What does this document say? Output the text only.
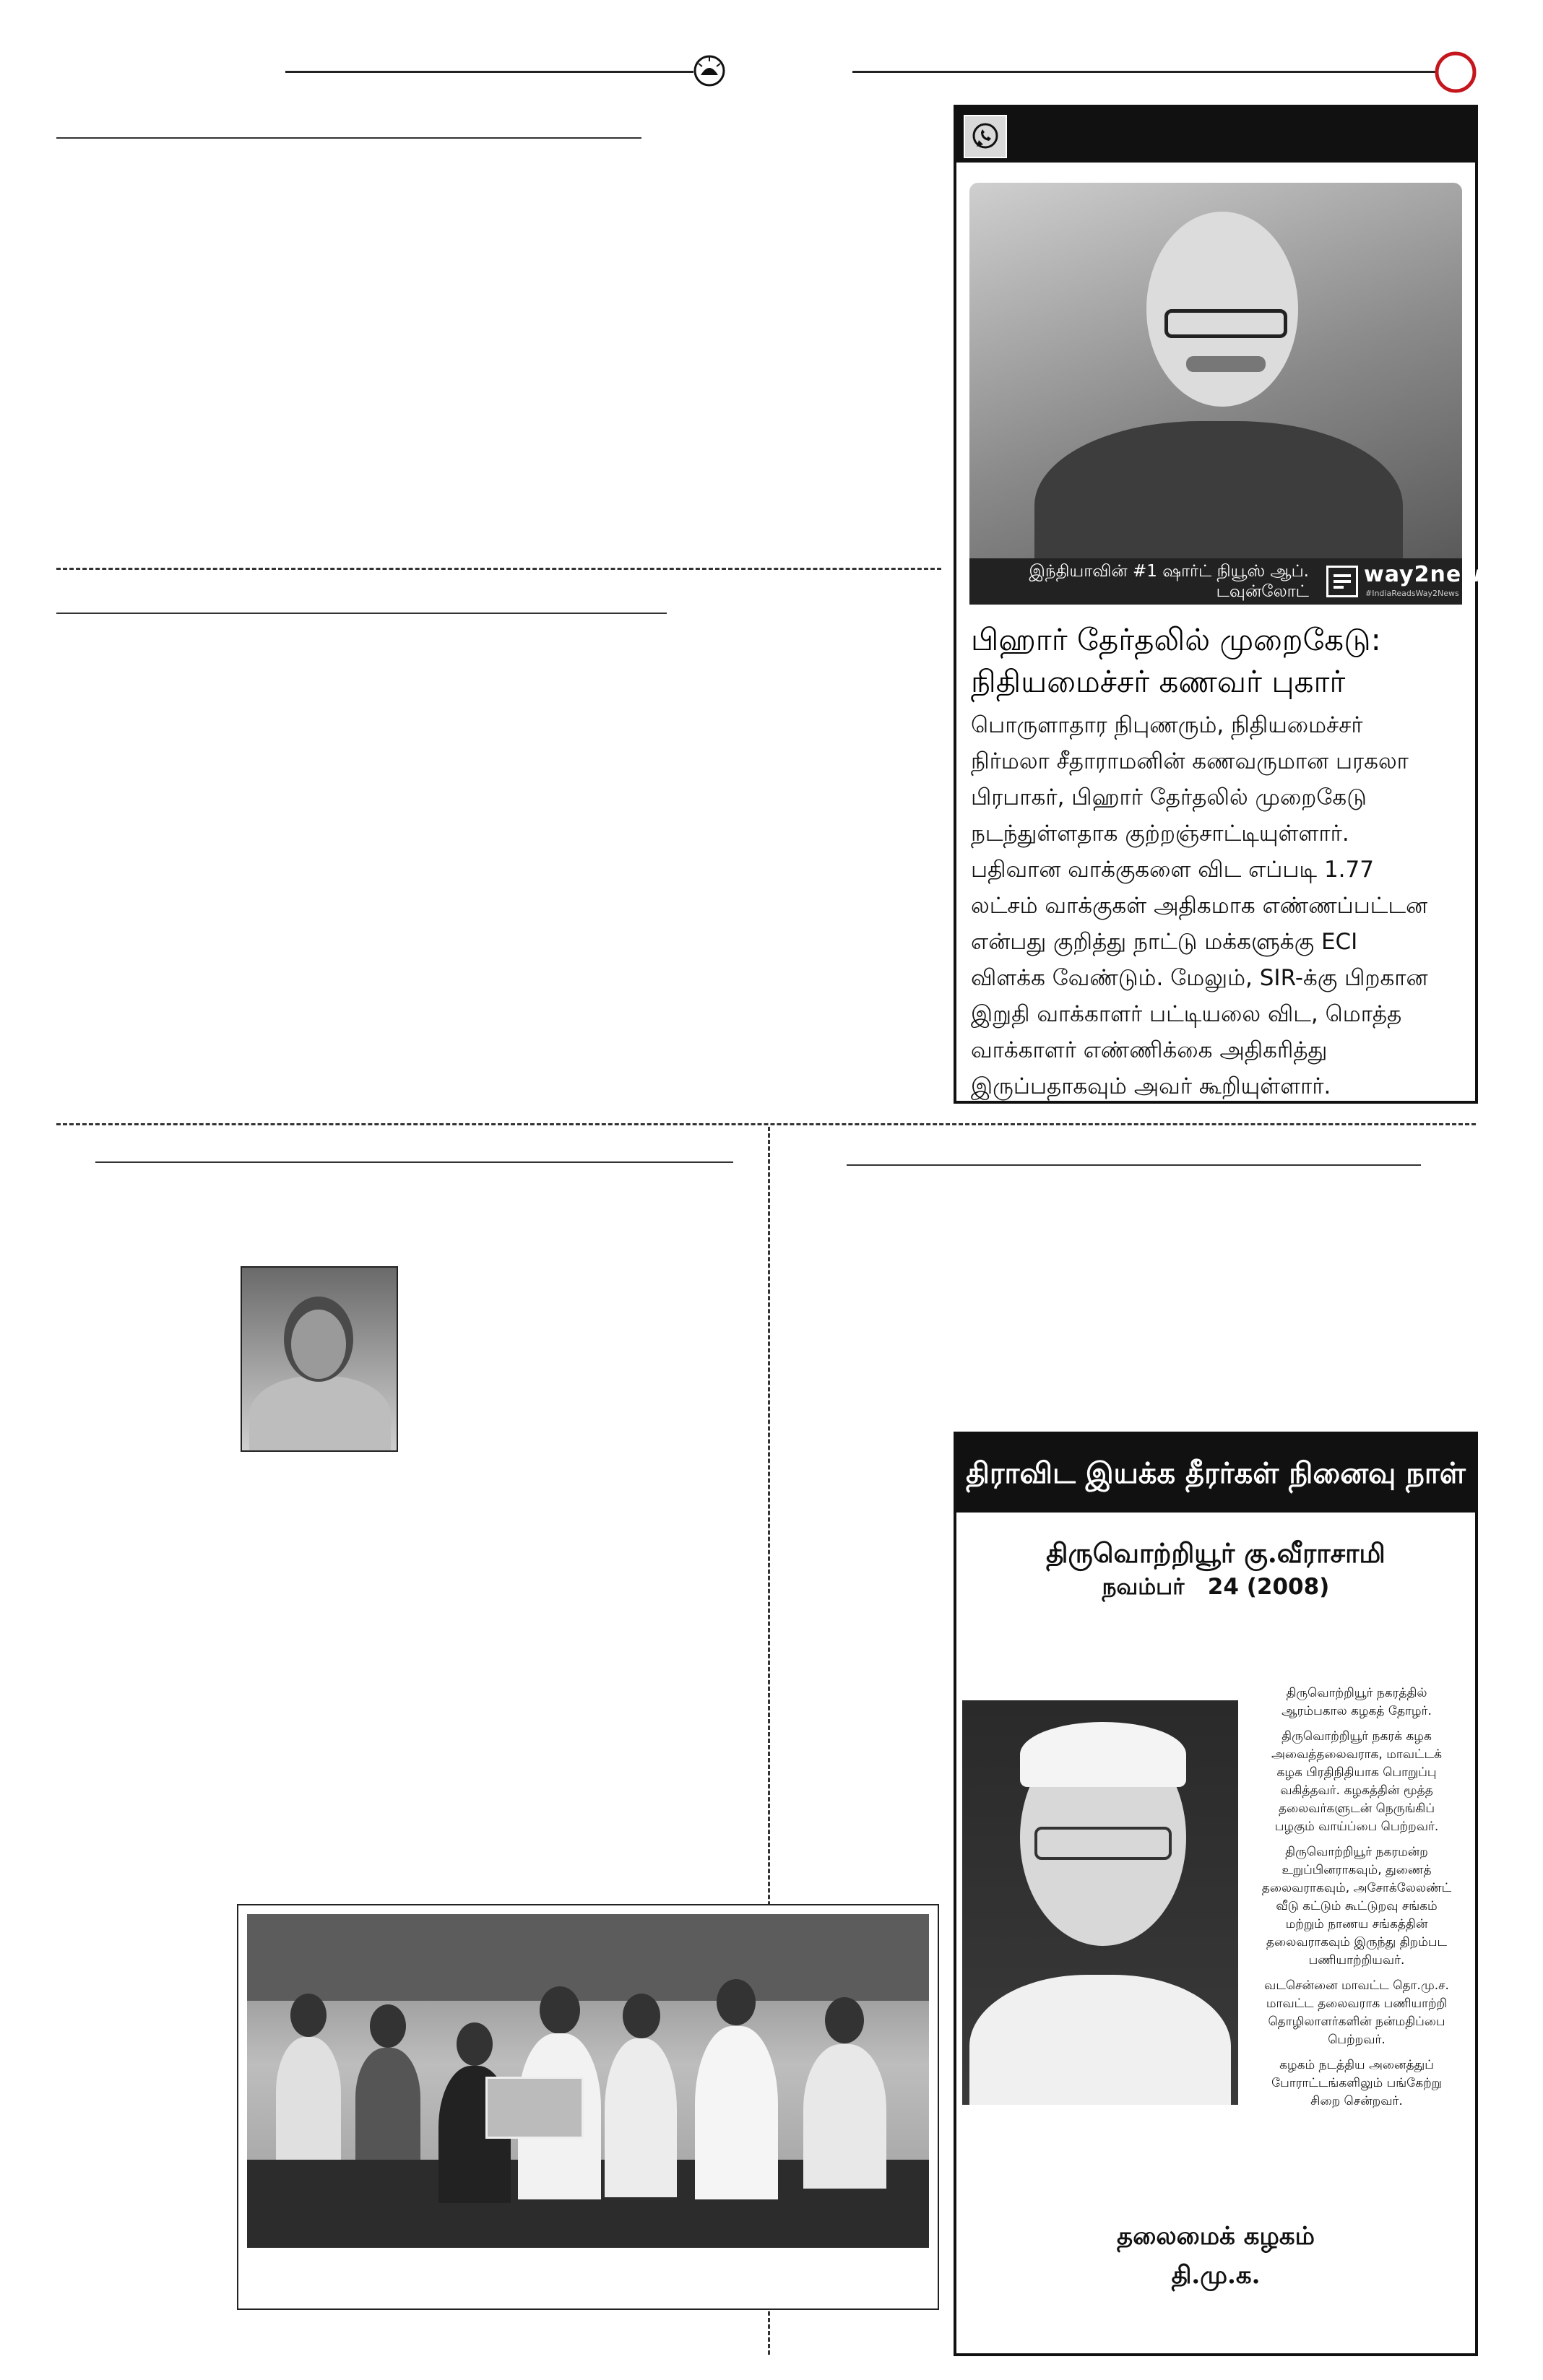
இந்தியாவின் #1 ஷார்ட் நியூஸ் ஆப்.
டவுன்லோட்
way2news
#IndiaReadsWay2News
பிஹார் தேர்தலில் முறைகேடு:
நிதியமைச்சர் கணவர் புகார்
பொருளாதார நிபுணரும், நிதியமைச்சர்
நிர்மலா சீதாராமனின் கணவருமான பரகலா
பிரபாகர், பிஹார் தேர்தலில் முறைகேடு
நடந்துள்ளதாக குற்றஞ்சாட்டியுள்ளார்.
பதிவான வாக்குகளை விட எப்படி 1.77
லட்சம் வாக்குகள் அதிகமாக எண்ணப்பட்டன
என்பது குறித்து நாட்டு மக்களுக்கு ECI
விளக்க வேண்டும். மேலும், SIR-க்கு பிறகான
இறுதி வாக்காளர் பட்டியலை விட, மொத்த
வாக்காளர் எண்ணிக்கை அதிகரித்து
இருப்பதாகவும் அவர் கூறியுள்ளார்.
திராவிட இயக்க தீரர்கள் நினைவு நாள்
திருவொற்றியூர் கு.வீராசாமி
நவம்பர்   24 (2008)
திருவொற்றியூர் நகரத்தில்
ஆரம்பகால கழகத் தோழர்.
திருவொற்றியூர் நகரக் கழக
அவைத்தலைவராக, மாவட்டக்
கழக பிரதிநிதியாக பொறுப்பு
வகித்தவர். கழகத்தின் மூத்த
தலைவர்களுடன் நெருங்கிப்
பழகும் வாய்ப்பை பெற்றவர்.
திருவொற்றியூர் நகரமன்ற
உறுப்பினராகவும், துணைத்
தலைவராகவும், அசோக்லேலண்ட்
வீடு கட்டும் கூட்டுறவு சங்கம்
மற்றும் நாணய சங்கத்தின்
தலைவராகவும் இருந்து திறம்பட
பணியாற்றியவர்.
வடசென்னை மாவட்ட தொ.மு.ச.
மாவட்ட தலைவராக பணியாற்றி
தொழிலாளர்களின் நன்மதிப்பை
பெற்றவர்.
கழகம் நடத்திய அனைத்துப்
போராட்டங்களிலும் பங்கேற்று
சிறை சென்றவர்.
தலைமைக் கழகம்
தி.மு.க.
